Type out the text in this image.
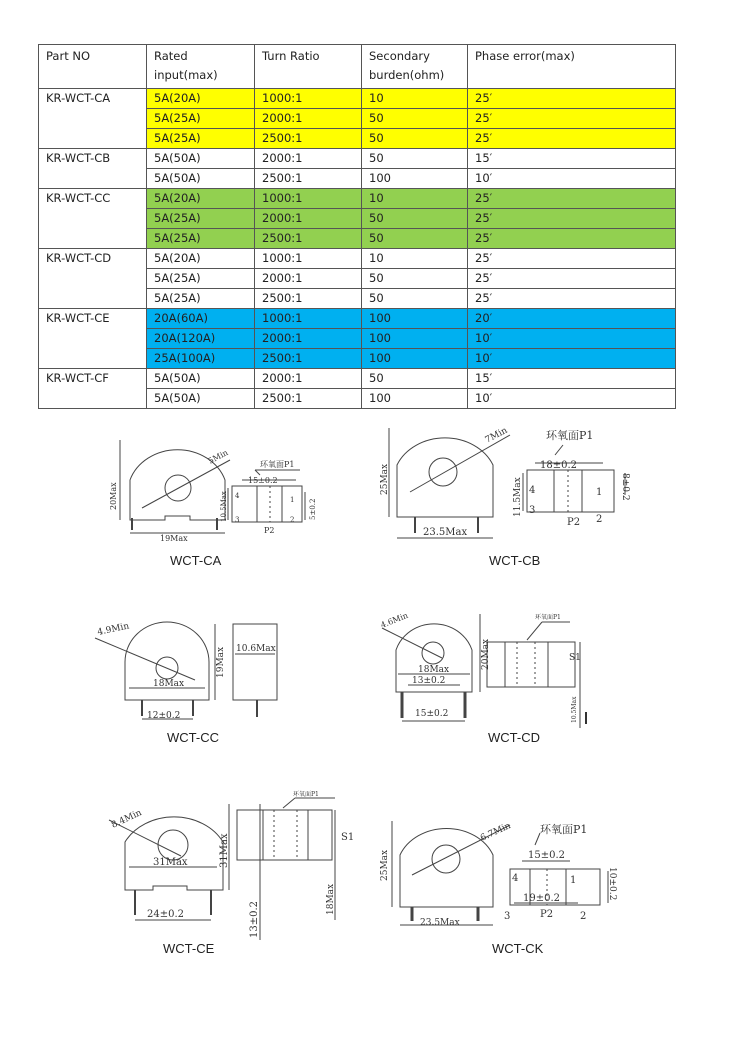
Part NO	Rated input(max)	Turn Ratio	Secondary burden(ohm)	Phase error(max)
KR-WCT-CA	5A(20A)	1000:1	10	25′
	5A(25A)	2000:1	50	25′
	5A(25A)	2500:1	50	25′
KR-WCT-CB	5A(50A)	2000:1	50	15′
	5A(50A)	2500:1	100	10′
KR-WCT-CC	5A(20A)	1000:1	10	25′
	5A(25A)	2000:1	50	25′
	5A(25A)	2500:1	50	25′
KR-WCT-CD	5A(20A)	1000:1	10	25′
	5A(25A)	2000:1	50	25′
	5A(25A)	2500:1	50	25′
KR-WCT-CE	20A(60A)	1000:1	100	20′
	20A(120A)	2000:1	100	10′
	25A(100A)	2500:1	100	10′
KR-WCT-CF	5A(50A)	2000:1	50	15′
	5A(50A)	2500:1	100	10′
20Max
5Min
19Max
环氧面P1
15±0.2
10.5Max	5±0.2
P2
4
3
1
2
WCT-CA
25Max
7Min
23.5Max
环氧面P1
18±0.2
11.5Max	8±0.2
P2
4
3
1
2
WCT-CB
4.9Min
18Max
19Max
12±0.2
10.6Max
WCT-CC
4.6Min
18Max	20Max
13±0.2
15±0.2
环氧面P1
S1
10.5Max
WCT-CD
8.4Min
31Max	31Max
24±0.2
环氧面P1
S1
13±0.2
18Max
WCT-CE
25Max
6.7Min
23.5Max
环氧面P1
15±0.2
19±0.2	10±0.2
P2
4	1
3	2
WCT-CK
